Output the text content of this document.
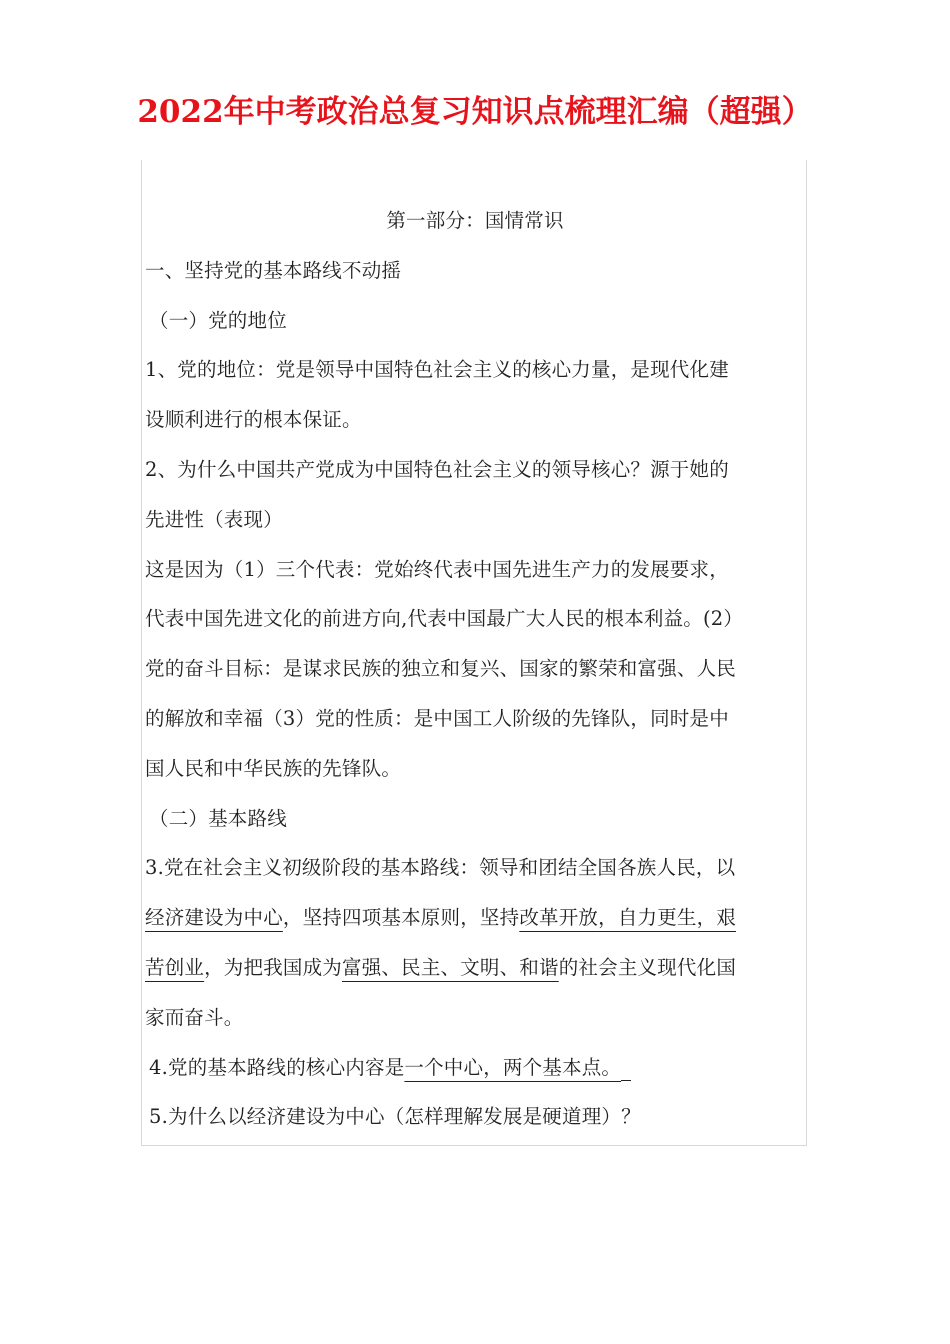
2022年中考政治总复习知识点梳理汇编（超强）
第一部分：国情常识
一、坚持党的基本路线不动摇
（一）党的地位
1、党的地位：党是领导中国特色社会主义的核心力量，是现代化建
设顺利进行的根本保证。
2、为什么中国共产党成为中国特色社会主义的领导核心？源于她的
先进性（表现）
这是因为（1）三个代表：党始终代表中国先进生产力的发展要求，
代表中国先进文化的前进方向,代表中国最广大人民的根本利益。(2）
党的奋斗目标：是谋求民族的独立和复兴、国家的繁荣和富强、人民
的解放和幸福（3）党的性质：是中国工人阶级的先锋队，同时是中
国人民和中华民族的先锋队。
（二）基本路线
3.党在社会主义初级阶段的基本路线：领导和团结全国各族人民，以
经济建设为中心，坚持四项基本原则，坚持改革开放，自力更生，艰
苦创业，为把我国成为富强、民主、文明、和谐的社会主义现代化国
家而奋斗。
4.党的基本路线的核心内容是一个中心，两个基本点。
5.为什么以经济建设为中心（怎样理解发展是硬道理）？
